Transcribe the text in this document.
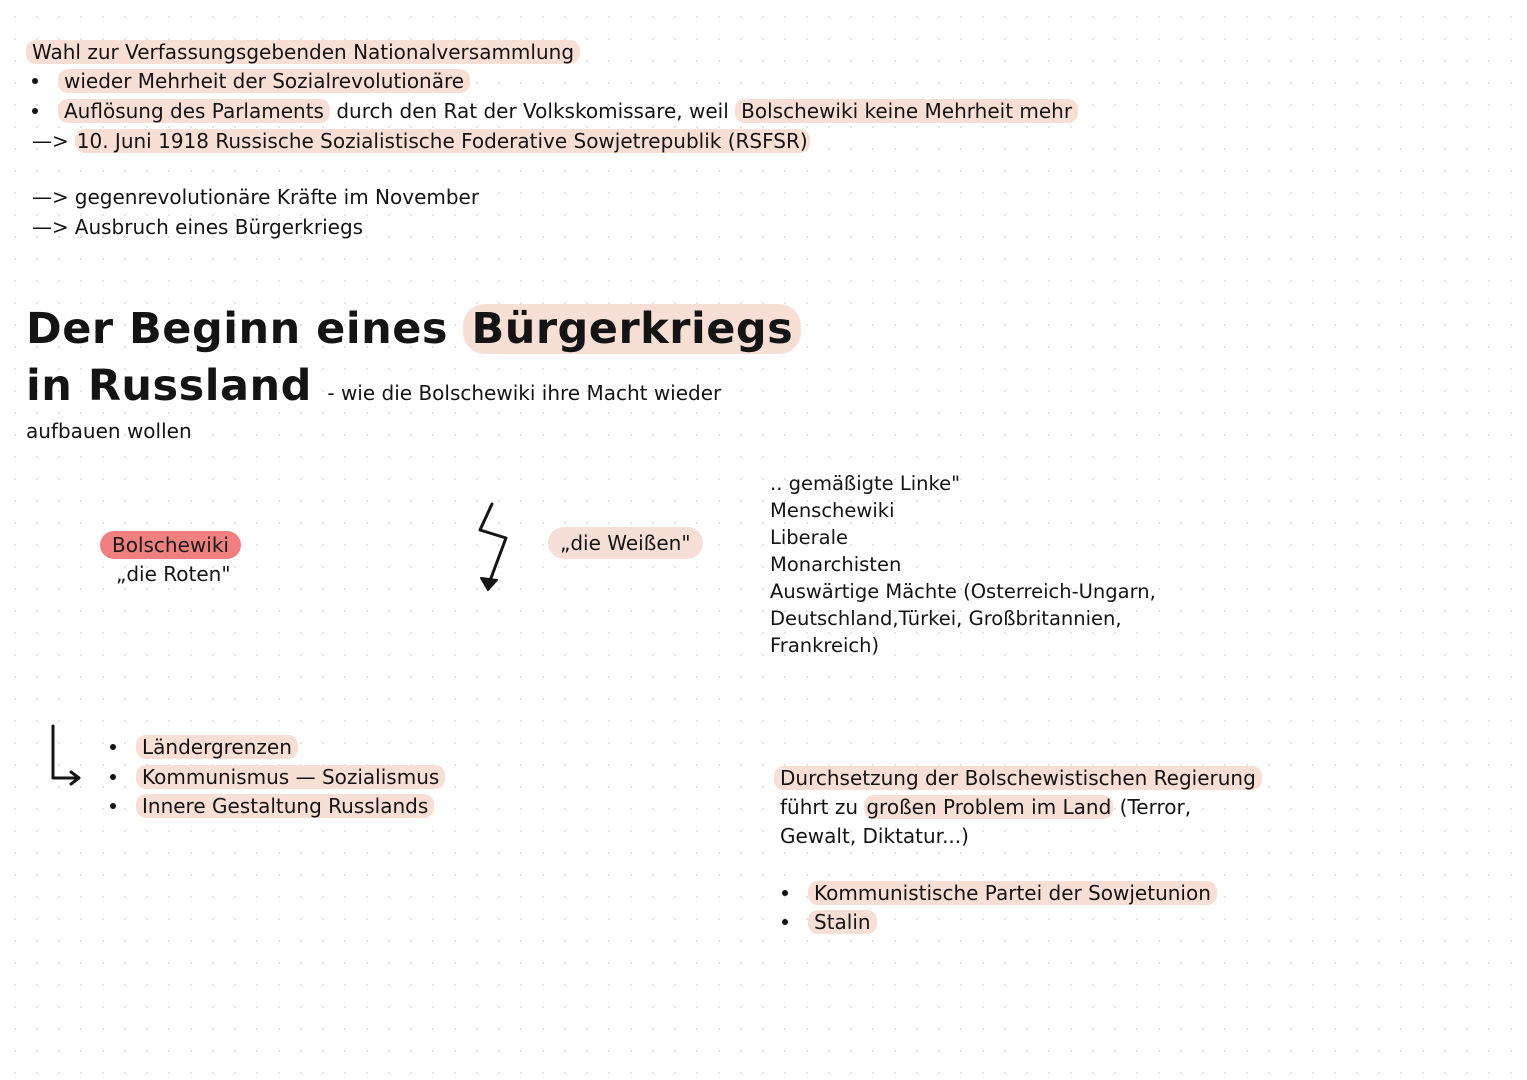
Wahl zur Verfassungsgebenden Nationalversammlung
wieder Mehrheit der Sozialrevolutionäre
Auflösung des Parlaments durch den Rat der Volkskomissare, weil Bolschewiki keine Mehrheit mehr
—> 10. Juni 1918 Russische Sozialistische Foderative Sowjetrepublik (RSFSR)
—> gegenrevolutionäre Kräfte im November
—> Ausbruch eines Bürgerkriegs
Der Beginn eines Bürgerkriegs
in Russland - wie die Bolschewiki ihre Macht wieder
aufbauen wollen
Bolschewiki
„die Roten"
„die Weißen"
.. gemäßigte Linke"
Menschewiki
Liberale
Monarchisten
Auswärtige Mächte (Osterreich-Ungarn,
Deutschland,Türkei, Großbritannien,
Frankreich)
Ländergrenzen
Kommunismus — Sozialismus
Innere Gestaltung Russlands
Durchsetzung der Bolschewistischen Regierung
führt zu großen Problem im Land (Terror,
Gewalt, Diktatur...)
Kommunistische Partei der Sowjetunion
Stalin
